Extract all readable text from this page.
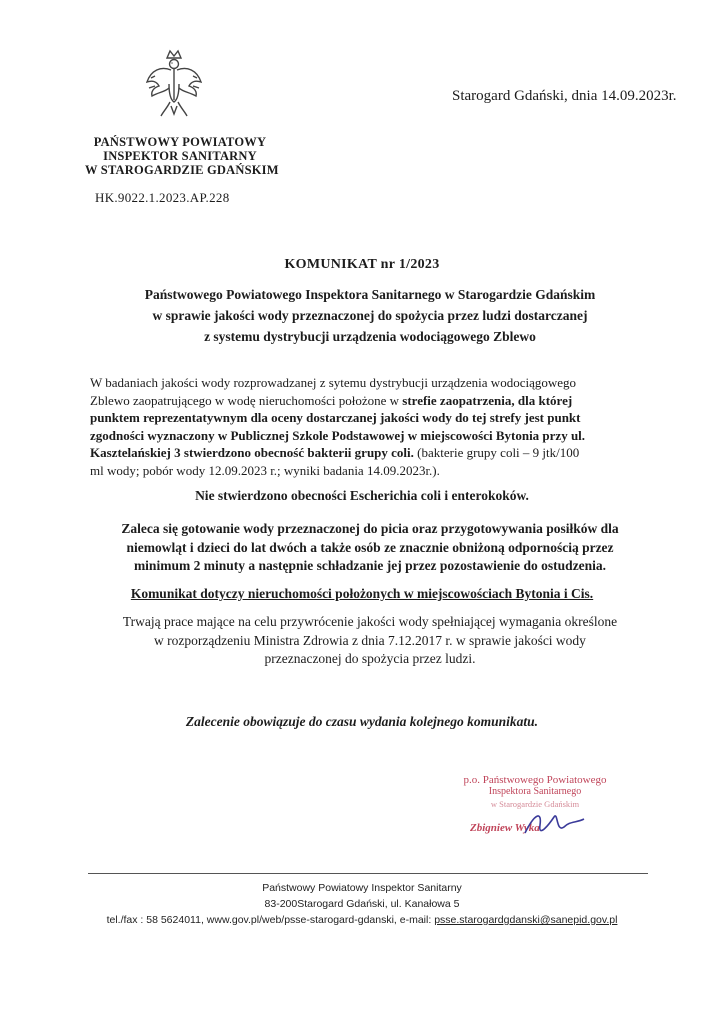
Starogard Gdański, dnia 14.09.2023r.
PAŃSTWOWY POWIATOWY
INSPEKTOR SANITARNY
W STAROGARDZIE GDAŃSKIM
HK.9022.1.2023.AP.228
KOMUNIKAT nr 1/2023
Państwowego Powiatowego Inspektora Sanitarnego w Starogardzie Gdańskim
w sprawie jakości wody przeznaczonej do spożycia przez ludzi dostarczanej
z systemu dystrybucji urządzenia wodociągowego Zblewo
W badaniach jakości wody rozprowadzanej z sytemu dystrybucji urządzenia wodociągowego
Zblewo zaopatrującego w wodę nieruchomości położone w strefie zaopatrzenia, dla której
punktem reprezentatywnym dla oceny dostarczanej jakości wody do tej strefy jest punkt
zgodności wyznaczony w Publicznej Szkole Podstawowej w miejscowości Bytonia przy ul.
Kasztelańskiej 3 stwierdzono obecność bakterii grupy coli. (bakterie grupy coli – 9 jtk/100
ml wody; pobór wody 12.09.2023 r.; wyniki badania 14.09.2023r.).
Nie stwierdzono obecności Escherichia coli i enterokoków.
Zaleca się gotowanie wody przeznaczonej do picia oraz przygotowywania posiłków dla
niemowląt i dzieci do lat dwóch a także osób ze znacznie obniżoną odpornością przez
minimum 2 minuty a następnie schładzanie jej przez pozostawienie do ostudzenia.
Komunikat dotyczy nieruchomości położonych w miejscowościach Bytonia i Cis.
Trwają prace mające na celu przywrócenie jakości wody spełniającej wymagania określone
w rozporządzeniu Ministra Zdrowia z dnia 7.12.2017 r. w sprawie jakości wody
przeznaczonej do spożycia przez ludzi.
Zalecenie obowiązuje do czasu wydania kolejnego komunikatu.
p.o. Państwowego Powiatowego
Inspektora Sanitarnego
w Starogardzie Gdańskim
Zbigniew Wyka
Państwowy Powiatowy Inspektor Sanitarny
83-200Starogard Gdański, ul. Kanałowa 5
tel./fax : 58 5624011, www.gov.pl/web/psse-starogard-gdanski, e-mail: psse.starogardgdanski@sanepid.gov.pl
